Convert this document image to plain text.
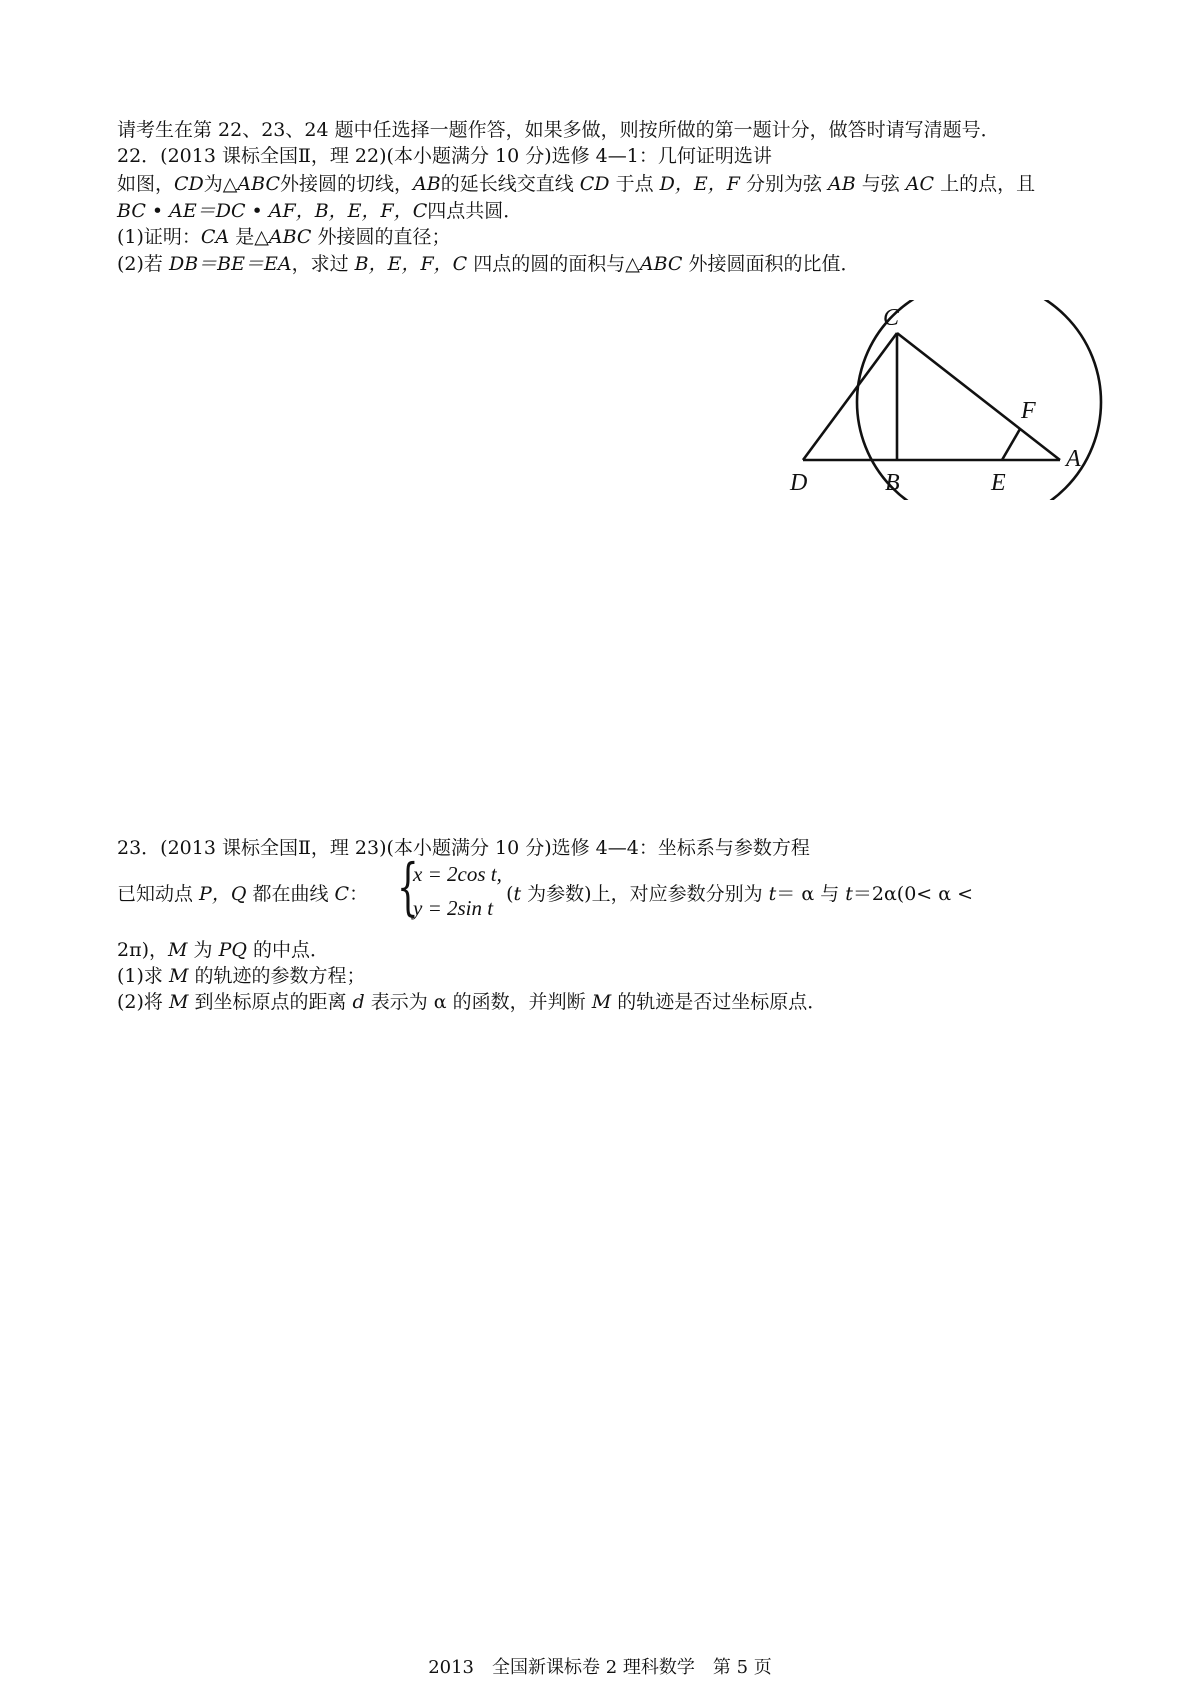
请考生在第 22、23、24 题中任选择一题作答，如果多做，则按所做的第一题计分，做答时请写清题号．
22．(2013 课标全国Ⅱ，理 22)(本小题满分 10 分)选修 4—1：几何证明选讲
如图，CD为△ABC外接圆的切线，AB的延长线交直线 CD 于点 D，E，F 分别为弦 AB 与弦 AC 上的点，且
BC • AE＝DC • AF，B，E，F，C四点共圆．
(1)证明：CA 是△ABC 外接圆的直径；
(2)若 DB＝BE＝EA，求过 B，E，F，C 四点的圆的面积与△ABC 外接圆面积的比值．
C
F
D	B	E
A
23．(2013 课标全国Ⅱ，理 23)(本小题满分 10 分)选修 4—4：坐标系与参数方程
已知动点 P，Q 都在曲线 C：	(t 为参数)上，对应参数分别为 t＝ α 与 t＝2α(0< α <
{
x = 2cos t,
y = 2sin t
2π)，M 为 PQ 的中点．
(1)求 M 的轨迹的参数方程；
(2)将 M 到坐标原点的距离 d 表示为 α 的函数，并判断 M 的轨迹是否过坐标原点．
2013　全国新课标卷 2 理科数学　第 5 页
